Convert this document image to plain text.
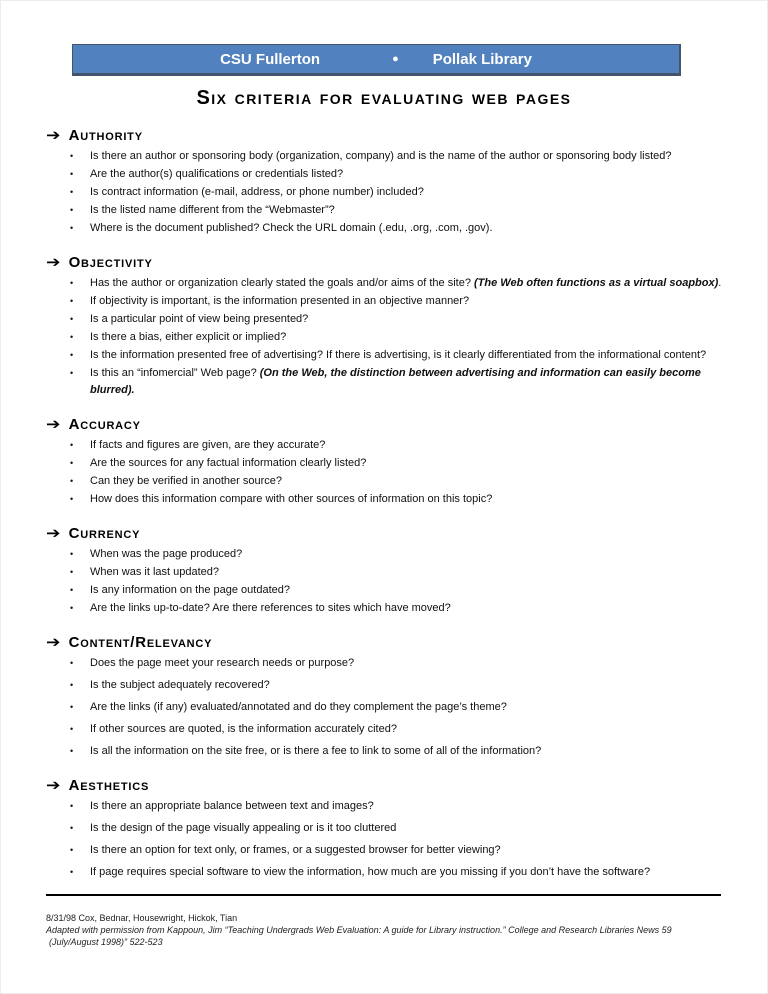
CSU Fullerton	● Pollak Library
Six criteria for evaluating web pages
➔ Authority
•	Is there an author or sponsoring body (organization, company) and is the name of the author or sponsoring body listed?
•	Are the author(s) qualifications or credentials listed?
•	Is contract information (e-mail, address, or phone number) included?
•	Is the listed name different from the “Webmaster”?
•	Where is the document published? Check the URL domain (.edu, .org, .com, .gov).
➔ Objectivity
•	Has the author or organization clearly stated the goals and/or aims of the site? (The Web often functions as a virtual soapbox).
•	If objectivity is important, is the information presented in an objective manner?
•	Is a particular point of view being presented?
•	Is there a bias, either explicit or implied?
•	Is the information presented free of advertising? If there is advertising, is it clearly differentiated from the informational content?
•	Is this an “infomercial” Web page? (On the Web, the distinction between advertising and information can easily become blurred).
➔ Accuracy
•	If facts and figures are given, are they accurate?
•	Are the sources for any factual information clearly listed?
•	Can they be verified in another source?
•	How does this information compare with other sources of information on this topic?
➔ Currency
•	When was the page produced?
•	When was it last updated?
•	Is any information on the page outdated?
•	Are the links up-to-date? Are there references to sites which have moved?
➔ Content/Relevancy
•	Does the page meet your research needs or purpose?
•	Is the subject adequately recovered?
•	Are the links (if any) evaluated/annotated and do they complement the page’s theme?
•	If other sources are quoted, is the information accurately cited?
•	Is all the information on the site free, or is there a fee to link to some of all of the information?
➔ Aesthetics
•	Is there an appropriate balance between text and images?
•	Is the design of the page visually appealing or is it too cluttered
•	Is there an option for text only, or frames, or a suggested browser for better viewing?
•	If page requires special software to view the information, how much are you missing if you don’t have the software?
8/31/98 Cox, Bednar, Housewright, Hickok, Tian
Adapted with permission from Kappoun, Jim “Teaching Undergrads Web Evaluation: A guide for Library instruction.” College and Research Libraries News 59
(July/August 1998)” 522-523
